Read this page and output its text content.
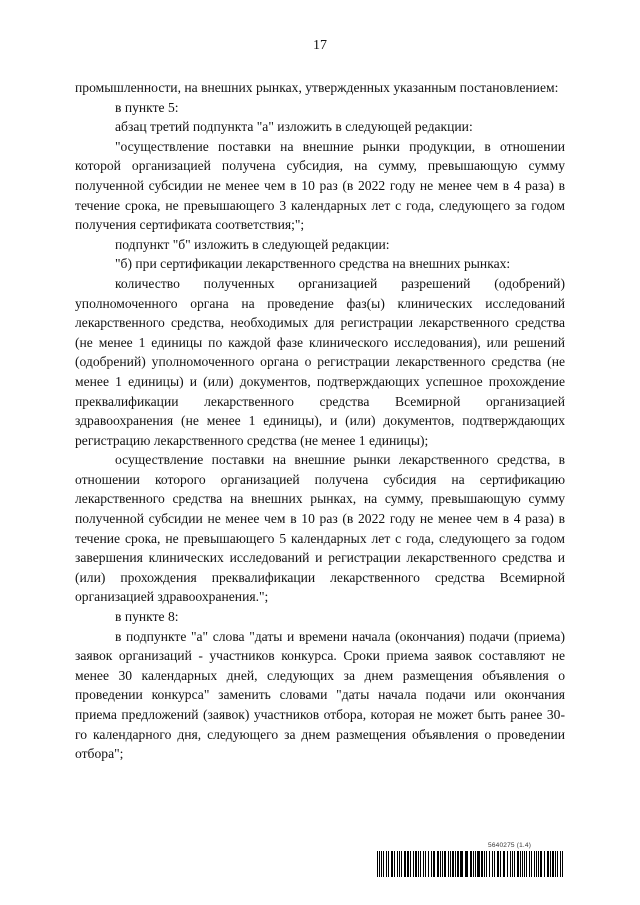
17

промышленности, на внешних рынках, утвержденных указанным постановлением:

в пункте 5:

абзац третий подпункта "а" изложить в следующей редакции:

"осуществление поставки на внешние рынки продукции, в отношении которой организацией получена субсидия, на сумму, превышающую сумму полученной субсидии не менее чем в 10 раз (в 2022 году не менее чем в 4 раза) в течение срока, не превышающего 3 календарных лет с года, следующего за годом получения сертификата соответствия;";

подпункт "б" изложить в следующей редакции:

"б) при сертификации лекарственного средства на внешних рынках:

количество полученных организацией разрешений (одобрений) уполномоченного органа на проведение фаз(ы) клинических исследований лекарственного средства, необходимых для регистрации лекарственного средства (не менее 1 единицы по каждой фазе клинического исследования), или решений (одобрений) уполномоченного органа о регистрации лекарственного средства (не менее 1 единицы) и (или) документов, подтверждающих успешное прохождение преквалификации лекарственного средства Всемирной организацией здравоохранения (не менее 1 единицы), и (или) документов, подтверждающих регистрацию лекарственного средства (не менее 1 единицы);

осуществление поставки на внешние рынки лекарственного средства, в отношении которого организацией получена субсидия на сертификацию лекарственного средства на внешних рынках, на сумму, превышающую сумму полученной субсидии не менее чем в 10 раз (в 2022 году не менее чем в 4 раза) в течение срока, не превышающего 5 календарных лет с года, следующего за годом завершения клинических исследований и регистрации лекарственного средства и (или) прохождения преквалификации лекарственного средства Всемирной организацией здравоохранения.";

в пункте 8:

в подпункте "а" слова "даты и времени начала (окончания) подачи (приема) заявок организаций - участников конкурса. Сроки приема заявок составляют не менее 30 календарных дней, следующих за днем размещения объявления о проведении конкурса" заменить словами "даты начала подачи или окончания приема предложений (заявок) участников отбора, которая не может быть ранее 30-го календарного дня, следующего за днем размещения объявления о проведении отбора";

5640275 (1.4)
